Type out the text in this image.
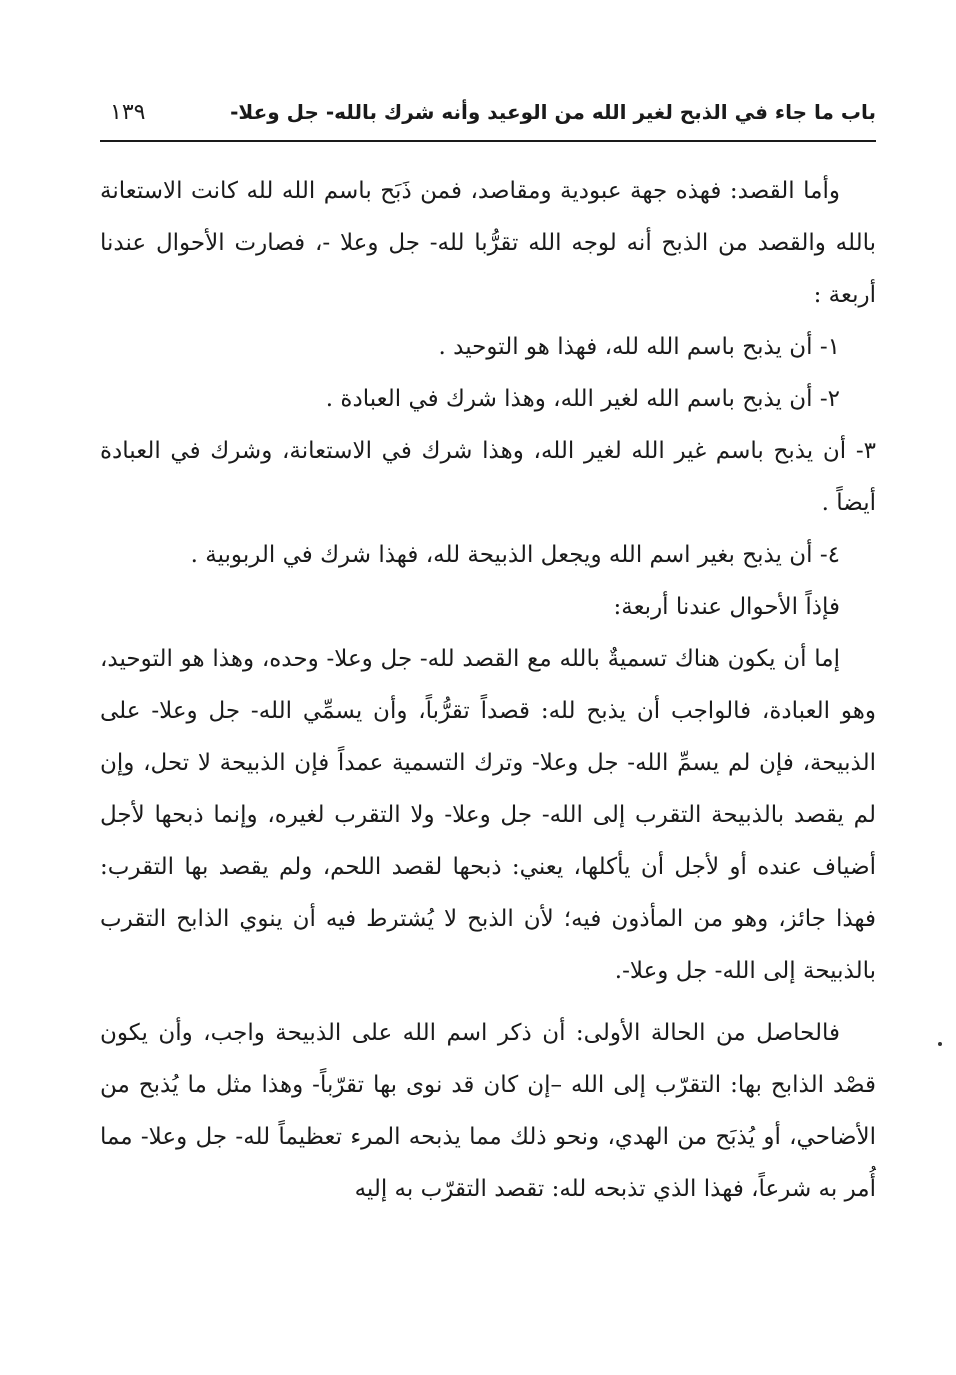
باب ما جاء في الذبح لغير الله من الوعيد وأنه شرك بالله- جل وعلا-
١٣٩

وأما القصد: فهذه جهة عبودية ومقاصد، فمن ذَبَح باسم الله لله كانت الاستعانة بالله والقصد من الذبح أنه لوجه الله تقرُّبا لله- جل وعلا -، فصارت الأحوال عندنا أربعة :

١- أن يذبح باسم الله لله، فهذا هو التوحيد .

٢- أن يذبح باسم الله لغير الله، وهذا شرك في العبادة .

٣- أن يذبح باسم غير الله لغير الله، وهذا شرك في الاستعانة، وشرك في العبادة أيضاً .

٤- أن يذبح بغير اسم الله ويجعل الذبيحة لله، فهذا شرك في الربوبية .

فإذاً الأحوال عندنا أربعة:

إما أن يكون هناك تسميةٌ بالله مع القصد لله- جل وعلا- وحده، وهذا هو التوحيد، وهو العبادة، فالواجب أن يذبح لله: قصداً تقرُّباً، وأن يسمِّي الله- جل وعلا- على الذبيحة، فإن لم يسمِّ الله- جل وعلا- وترك التسمية عمداً فإن الذبيحة لا تحل، وإن لم يقصد بالذبيحة التقرب إلى الله- جل وعلا- ولا التقرب لغيره، وإنما ذبحها لأجل أضياف عنده أو لأجل أن يأكلها، يعني: ذبحها لقصد اللحم، ولم يقصد بها التقرب: فهذا جائز، وهو من المأذون فيه؛ لأن الذبح لا يُشترط فيه أن ينوي الذابح التقرب بالذبيحة إلى الله- جل وعلا-.

فالحاصل من الحالة الأولى: أن ذكر اسم الله على الذبيحة واجب، وأن يكون قصْد الذابح بها: التقرّب إلى الله –إن كان قد نوى بها تقرّباً- وهذا مثل ما يُذبح من الأضاحي، أو يُذبَح من الهدي، ونحو ذلك مما يذبحه المرء تعظيماً لله- جل وعلا- مما أُمر به شرعاً، فهذا الذي تذبحه لله: تقصد التقرّب به إليه
